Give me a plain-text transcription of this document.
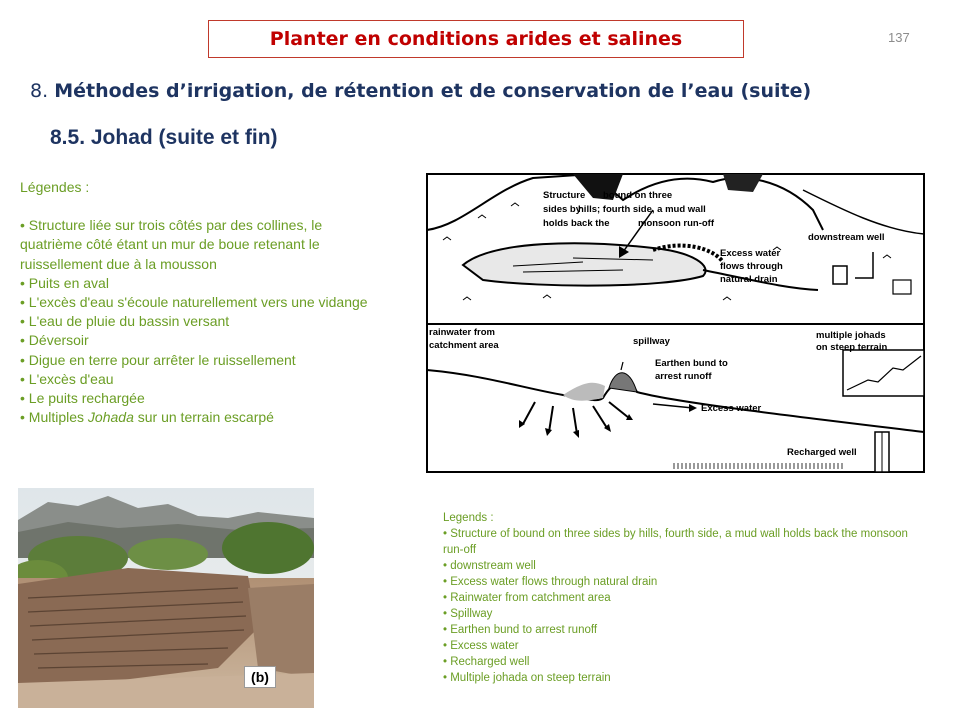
Planter en conditions arides et salines	137
8. Méthodes d’irrigation, de rétention et de conservation de l’eau (suite)
8.5. Johad (suite et fin)
Légendes :
• Structure liée sur trois côtés par des collines, le quatrième côté étant un mur de boue retenant le ruissellement due à la mousson
• Puits en aval
• L'excès d'eau s'écoule naturellement vers une vidange
• L'eau de pluie du bassin versant
• Déversoir
• Digue en terre pour arrêter le ruissellement
• L'excès d'eau
• Le puits rechargée
• Multiples Johada sur un terrain escarpé
Structure bound on three
sides by
hills; fourth side, a mud wall
holds back the	monsoon run-off
downstream well
Excess water
flows through
natural drain
rainwater from
catchment area	spillway
Earthen bund to
arrest runoff
multiple johads
on steep terrain
Excess water
Recharged well
(b)
Legends :
• Structure of bound on three sides by hills, fourth side, a mud wall holds back the monsoon run-off
• downstream well
• Excess water flows through natural drain
• Rainwater from catchment area
• Spillway
• Earthen bund to arrest runoff
• Excess water
• Recharged well
• Multiple johada on steep terrain
